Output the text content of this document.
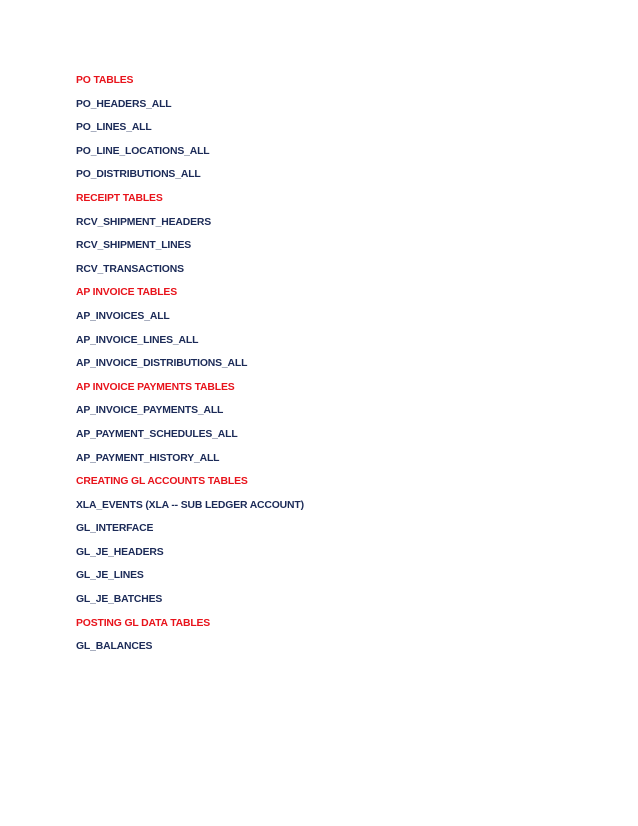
PO TABLES
PO_HEADERS_ALL
PO_LINES_ALL
PO_LINE_LOCATIONS_ALL
PO_DISTRIBUTIONS_ALL
RECEIPT TABLES
RCV_SHIPMENT_HEADERS
RCV_SHIPMENT_LINES
RCV_TRANSACTIONS
AP INVOICE TABLES
AP_INVOICES_ALL
AP_INVOICE_LINES_ALL
AP_INVOICE_DISTRIBUTIONS_ALL
AP INVOICE PAYMENTS TABLES
AP_INVOICE_PAYMENTS_ALL
AP_PAYMENT_SCHEDULES_ALL
AP_PAYMENT_HISTORY_ALL
CREATING GL ACCOUNTS TABLES
XLA_EVENTS (XLA -- SUB LEDGER ACCOUNT)
GL_INTERFACE
GL_JE_HEADERS
GL_JE_LINES
GL_JE_BATCHES
POSTING GL DATA TABLES
GL_BALANCES
